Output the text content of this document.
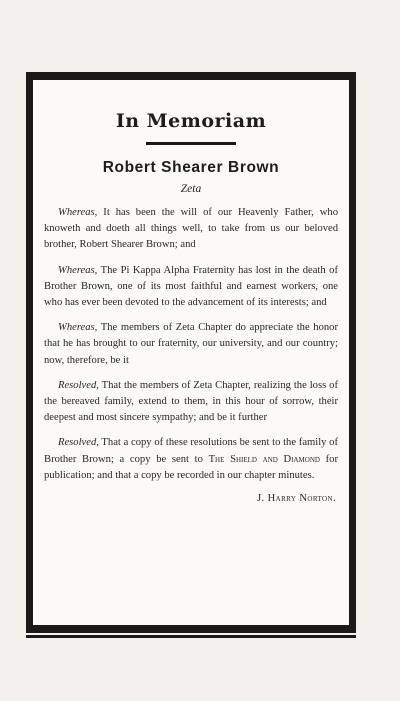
In Memoriam
Robert Shearer Brown
Zeta

Whereas, It has been the will of our Heavenly Father, who knoweth and doeth all things well, to take from us our beloved brother, Robert Shearer Brown; and

Whereas, The Pi Kappa Alpha Fraternity has lost in the death of Brother Brown, one of its most faithful and earnest workers, one who has ever been devoted to the advancement of its interests; and

Whereas, The members of Zeta Chapter do appreciate the honor that he has brought to our fraternity, our university, and our country; now, therefore, be it

Resolved, That the members of Zeta Chapter, realizing the loss of the bereaved family, extend to them, in this hour of sorrow, their deepest and most sincere sympathy; and be it further

Resolved, That a copy of these resolutions be sent to the family of Brother Brown; a copy be sent to The Shield and Diamond for publication; and that a copy be recorded in our chapter minutes.

J. Harry Norton.
